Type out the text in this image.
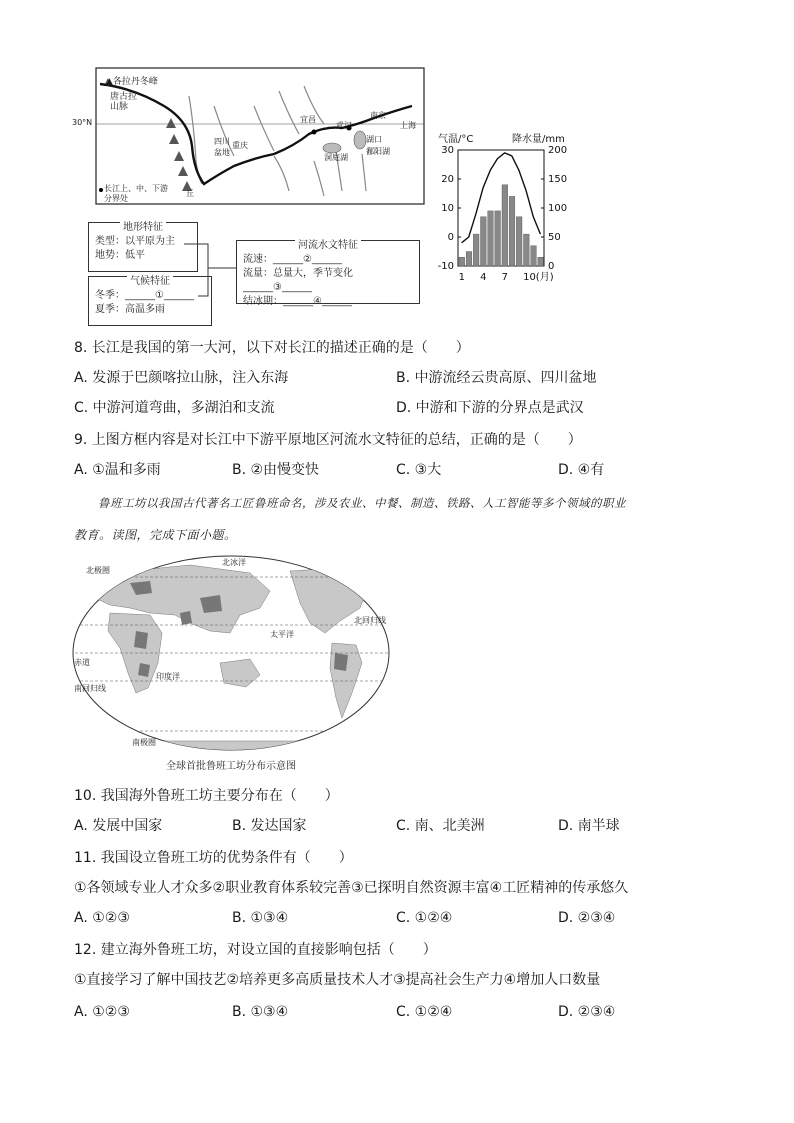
30°N
▲各拉丹冬峰
唐古拉山脉
四川
盆地
重庆
宜昌
武汉
洞庭湖
湖口
鄱阳湖
南京
上海
丘
长江上、中、下游分界处
地形特征
类型：以平原为主
地势：低平
气候特征
冬季：______①______
夏季：高温多雨
河流水文特征
流速：______②______
流量：总量大，季节变化______③______
结冰期：______④______
气温/°C	降水量/mm
30
20
10
0
-10
200
150
100
50
0
1 4 7 10(月)
8. 长江是我国的第一大河，以下对长江的描述正确的是（　　）
A. 发源于巴颜喀拉山脉，注入东海	B. 中游流经云贵高原、四川盆地
C. 中游河道弯曲，多湖泊和支流	D. 中游和下游的分界点是武汉
9. 上图方框内容是对长江中下游平原地区河流水文特征的总结，正确的是（　　）
A. ①温和多雨	B. ②由慢变快	C. ③大	D. ④有
鲁班工坊以我国古代著名工匠鲁班命名，涉及农业、中餐、制造、铁路、人工智能等多个领域的职业
教育。读图，完成下面小题。
北冰洋
北极圈
北回归线
太平洋
印度洋
赤道
南回归线
南极圈
全球首批鲁班工坊分布示意图
10. 我国海外鲁班工坊主要分布在（　　）
A. 发展中国家	B. 发达国家	C. 南、北美洲	D. 南半球
11. 我国设立鲁班工坊的优势条件有（　　）
①各领域专业人才众多②职业教育体系较完善③已探明自然资源丰富④工匠精神的传承悠久
A. ①②③	B. ①③④	C. ①②④	D. ②③④
12. 建立海外鲁班工坊，对设立国的直接影响包括（　　）
①直接学习了解中国技艺②培养更多高质量技术人才③提高社会生产力④增加人口数量
A. ①②③	B. ①③④	C. ①②④	D. ②③④
